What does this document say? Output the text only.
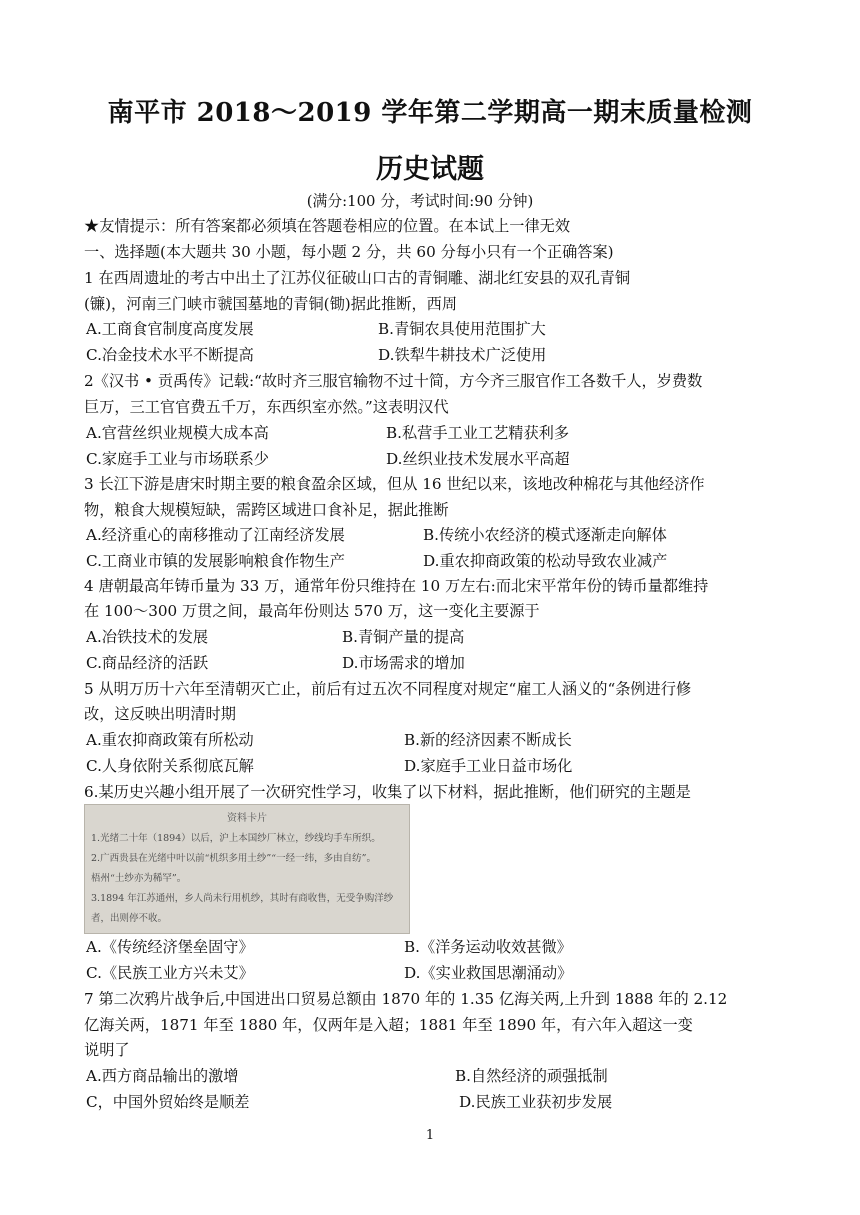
南平市 2018～2019 学年第二学期高一期末质量检测
历史试题
(满分:100 分，考试时间:90 分钟)
★友情提示：所有答案都必须填在答题卷相应的位置。在本试上一律无效
一、选择题(本大题共 30 小题，每小题 2 分，共 60 分每小只有一个正确答案)
1 在西周遗址的考古中出土了江苏仪征破山口古的青铜雕、湖北红安县的双孔青铜
(镰)，河南三门峡市虢国墓地的青铜(锄)据此推断，西周
A.工商食官制度高度发展	B.青铜农具使用范围扩大
C.冶金技术水平不断提高	D.铁犁牛耕技术广泛使用
2《汉书 • 贡禹传》记载:“故时齐三服官输物不过十简，方今齐三服官作工各数千人，岁费数
巨万，三工官官费五千万，东西织室亦然。”这表明汉代
A.官营丝织业规模大成本高	B.私营手工业工艺精获利多
C.家庭手工业与市场联系少	D.丝织业技术发展水平高超
3 长江下游是唐宋时期主要的粮食盈余区域，但从 16 世纪以来，该地改种棉花与其他经济作
物，粮食大规模短缺，需跨区域进口食补足，据此推断
A.经济重心的南移推动了江南经济发展	B.传统小农经济的模式逐渐走向解体
C.工商业市镇的发展影响粮食作物生产	D.重农抑商政策的松动导致农业减产
4 唐朝最高年铸币量为 33 万，通常年份只维持在 10 万左右:而北宋平常年份的铸币量都维持
在 100～300 万贯之间，最高年份则达 570 万，这一变化主要源于
A.冶铁技术的发展	B.青铜产量的提高
C.商品经济的活跃	D.市场需求的增加
5 从明万历十六年至清朝灭亡止，前后有过五次不同程度对规定“雇工人涵义的“条例进行修
改，这反映出明清时期
A.重农抑商政策有所松动	B.新的经济因素不断成长
C.人身依附关系彻底瓦解	D.家庭手工业日益市场化
6.某历史兴趣小组开展了一次研究性学习，收集了以下材料，据此推断，他们研究的主题是
资料卡片
1.光绪二十年（1894）以后，沪上本国纱厂林立，纱线均手车所织。
2.广西贵县在光绪中叶以前“机织多用土纱”“一经一纬，多由自纺”。
梧州“土纱亦为稀罕”。
3.1894 年江苏通州，乡人尚未行用机纱，其时有商收售，无受争购洋纱
者，出则停不收。
A.《传统经济堡垒固守》	B.《洋务运动收效甚微》
C.《民族工业方兴未艾》	D.《实业救国思潮涌动》
7 第二次鸦片战争后,中国进出口贸易总额由 1870 年的 1.35 亿海关两,上升到 1888 年的 2.12
亿海关两，1871 年至 1880 年，仅两年是入超；1881 年至 1890 年，有六年入超这一变
说明了
A.西方商品输出的激增	B.自然经济的顽强抵制
C，中国外贸始终是顺差	D.民族工业获初步发展
1
